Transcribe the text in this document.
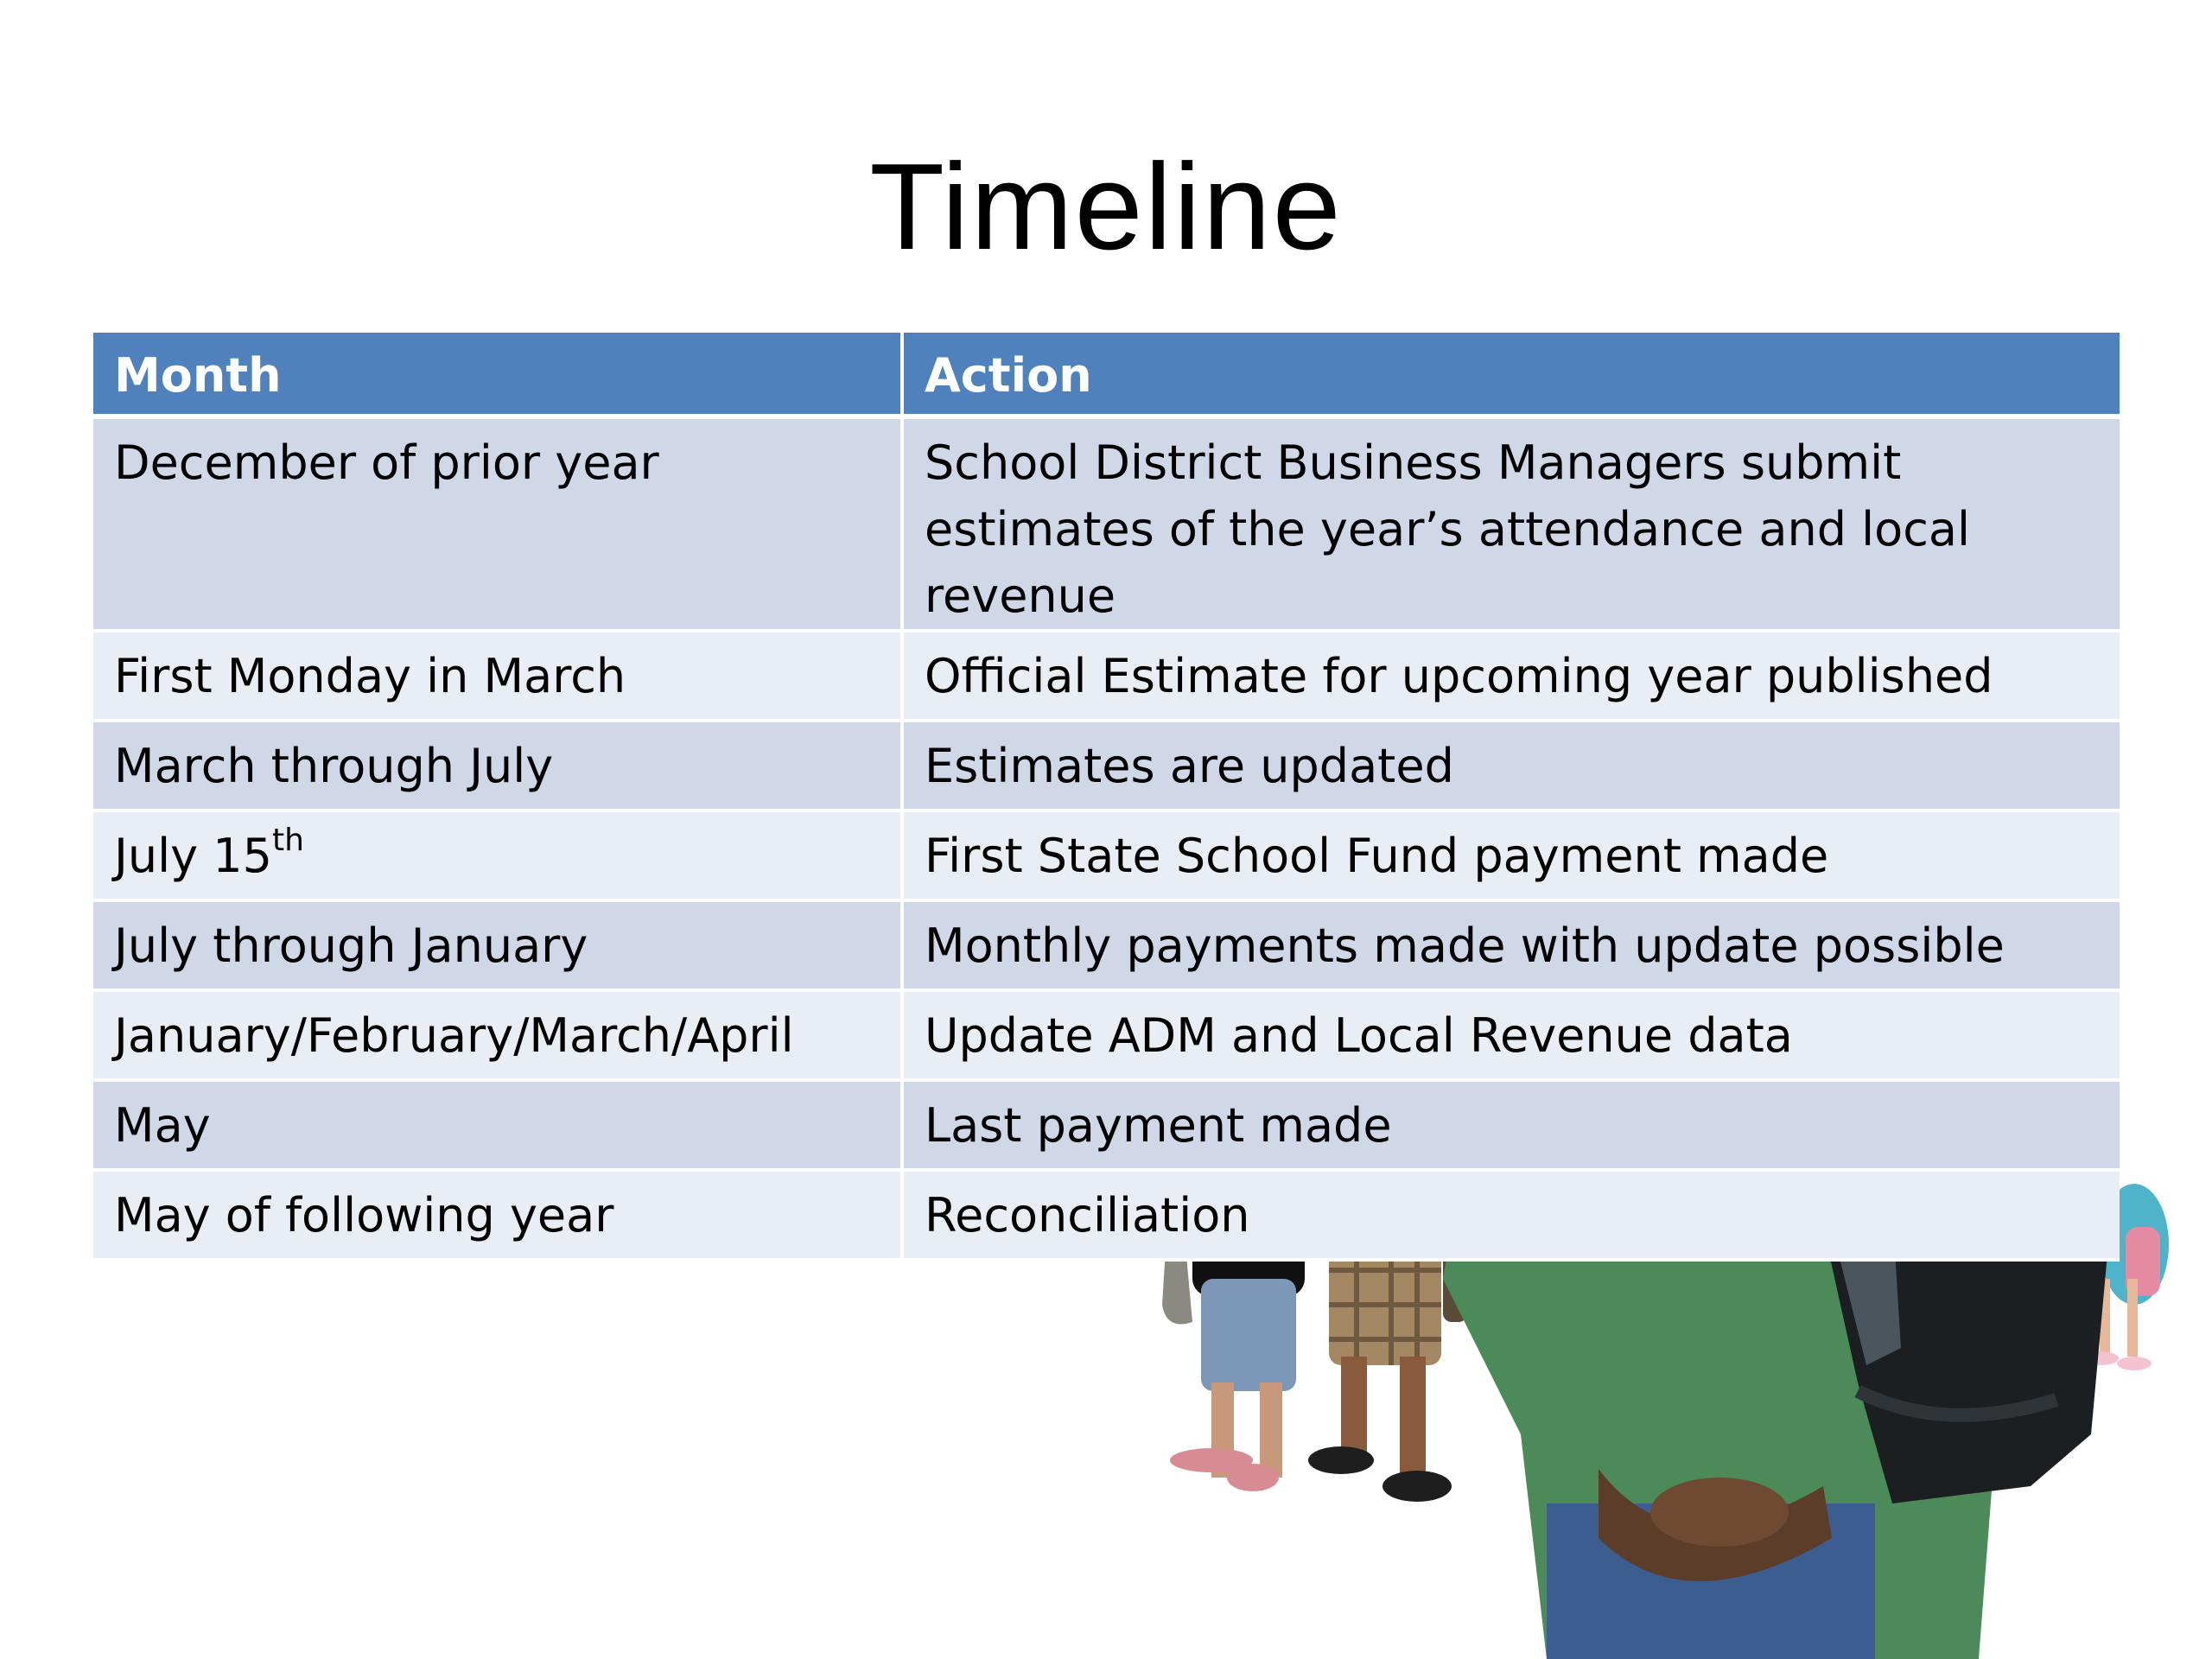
Timeline
Month	Action
December of prior year	School District Business Managers submit estimates of the year’s attendance and local revenue
First Monday in March	Official Estimate for upcoming year published
March through July	Estimates are updated
July 15th	First State School Fund payment made
July through January	Monthly payments made with update possible
January/February/March/April	Update ADM and Local Revenue data
May	Last payment made
May of following year	Reconciliation
